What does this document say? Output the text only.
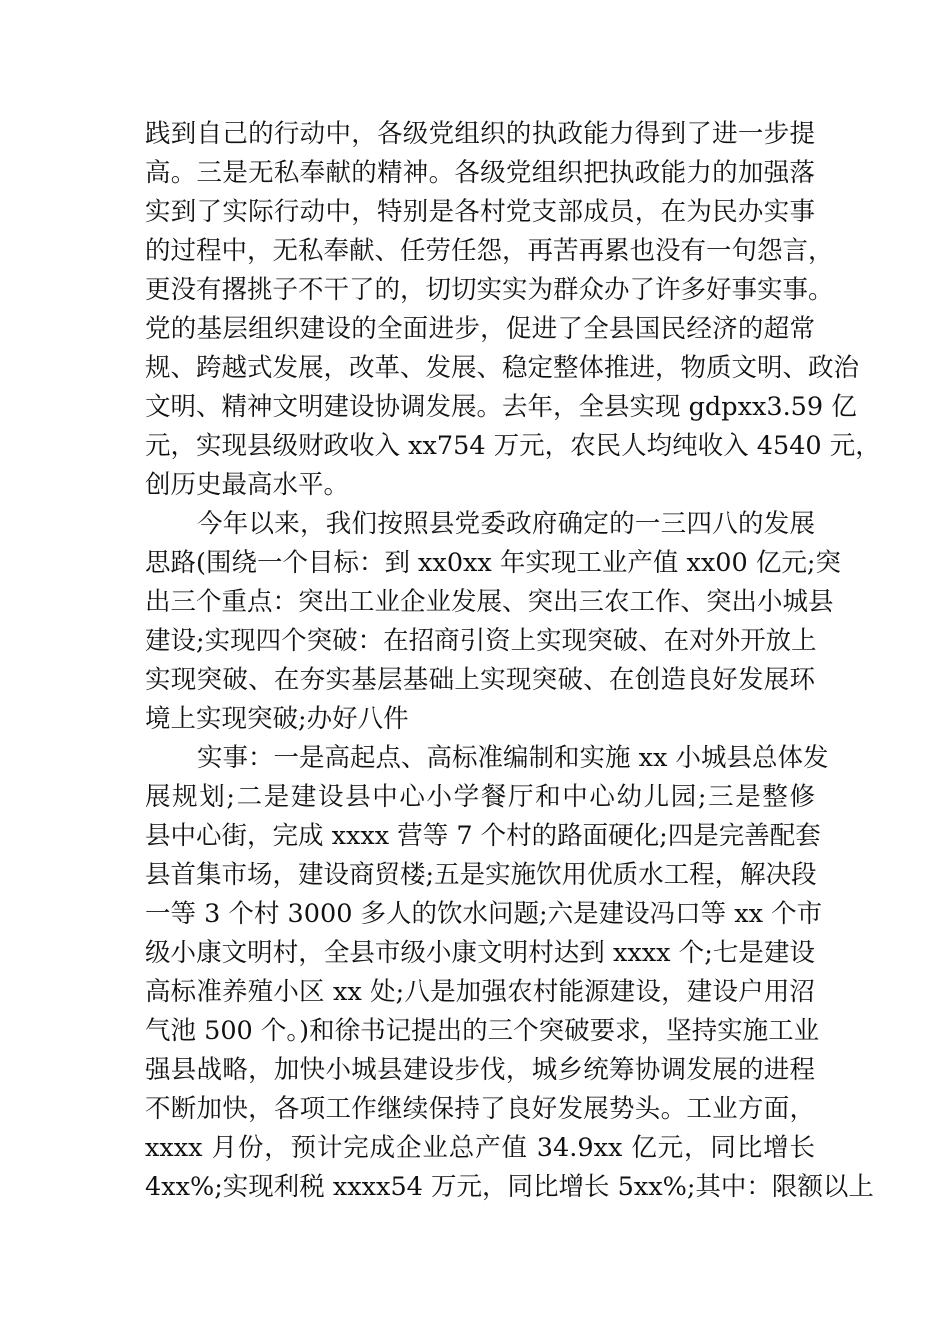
践到自己的行动中，各级党组织的执政能力得到了进一步提
高。三是无私奉献的精神。各级党组织把执政能力的加强落
实到了实际行动中，特别是各村党支部成员，在为民办实事
的过程中，无私奉献、任劳任怨，再苦再累也没有一句怨言，
更没有撂挑子不干了的，切切实实为群众办了许多好事实事。
党的基层组织建设的全面进步，促进了全县国民经济的超常
规、跨越式发展，改革、发展、稳定整体推进，物质文明、政治
文明、精神文明建设协调发展。去年，全县实现 gdpxx3.59 亿
元，实现县级财政收入 xx754 万元，农民人均纯收入 4540 元，
创历史最高水平。
今年以来，我们按照县党委政府确定的一三四八的发展
思路(围绕一个目标：到 xx0xx 年实现工业产值 xx00 亿元;突
出三个重点：突出工业企业发展、突出三农工作、突出小城县
建设;实现四个突破：在招商引资上实现突破、在对外开放上
实现突破、在夯实基层基础上实现突破、在创造良好发展环
境上实现突破;办好八件
实事：一是高起点、高标准编制和实施 xx 小城县总体发
展规划;二是建设县中心小学餐厅和中心幼儿园;三是整修
县中心街，完成 xxxx 营等 7 个村的路面硬化;四是完善配套
县首集市场，建设商贸楼;五是实施饮用优质水工程，解决段
一等 3 个村 3000 多人的饮水问题;六是建设冯口等 xx 个市
级小康文明村，全县市级小康文明村达到 xxxx 个;七是建设
高标准养殖小区 xx 处;八是加强农村能源建设，建设户用沼
气池 500 个。)和徐书记提出的三个突破要求，坚持实施工业
强县战略，加快小城县建设步伐，城乡统筹协调发展的进程
不断加快，各项工作继续保持了良好发展势头。工业方面，
xxxx 月份，预计完成企业总产值 34.9xx 亿元，同比增长
4xx%;实现利税 xxxx54 万元，同比增长 5xx%;其中：限额以上
